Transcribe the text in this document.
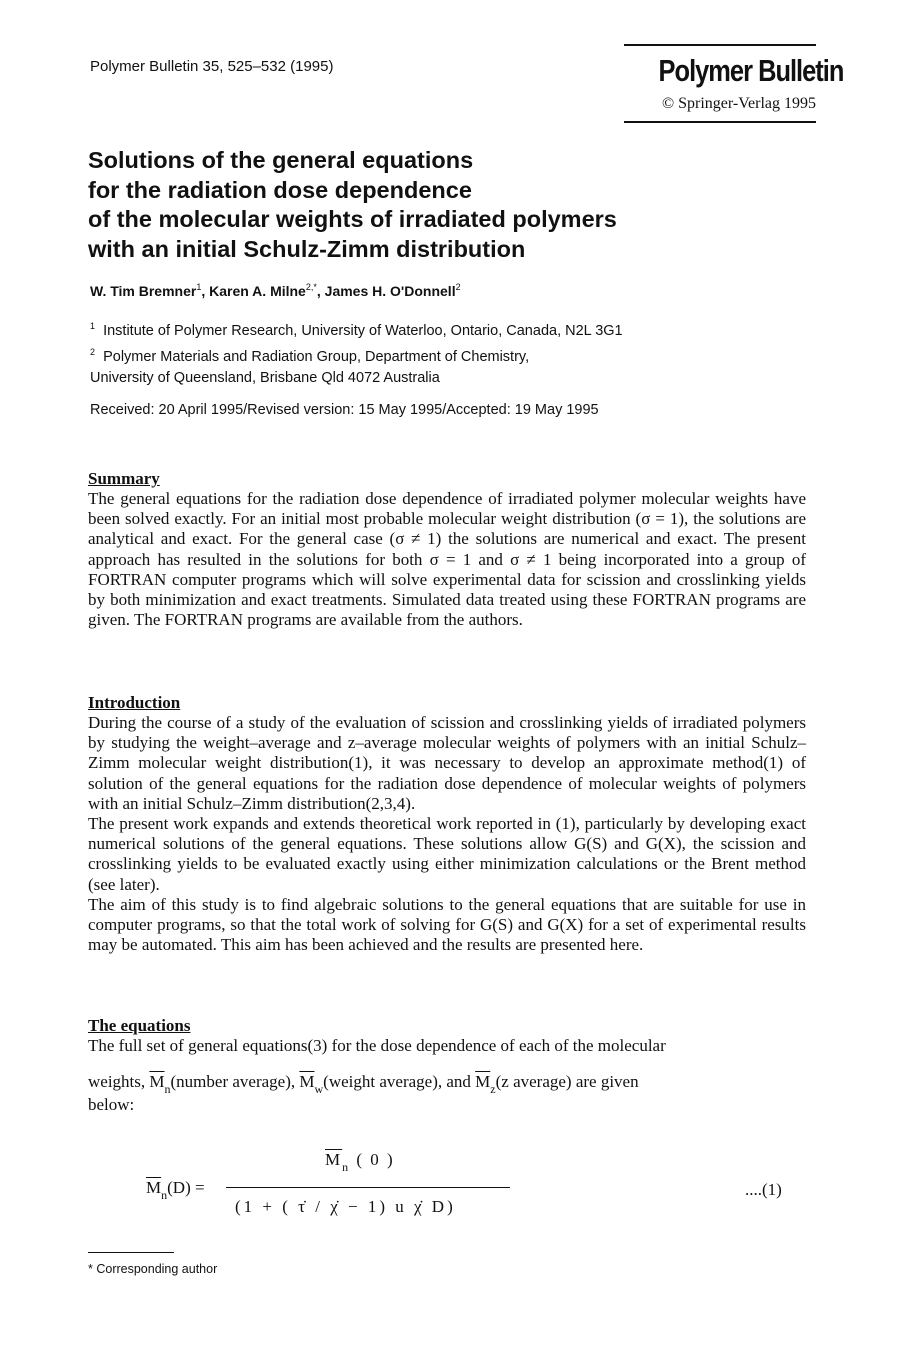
Polymer Bulletin 35, 525–532 (1995)	Polymer Bulletin
© Springer-Verlag 1995
Solutions of the general equations
for the radiation dose dependence
of the molecular weights of irradiated polymers
with an initial Schulz-Zimm distribution
W. Tim Bremner$^1$, Karen A. Milne$^{2,*}$, James H. O'Donnell$^2$
$^1$ Institute of Polymer Research, University of Waterloo, Ontario, Canada, N2L 3G1
$^2$ Polymer Materials and Radiation Group, Department of Chemistry,
University of Queensland, Brisbane Qld 4072 Australia
Received: 20 April 1995/Revised version: 15 May 1995/Accepted: 19 May 1995
Summary

The general equations for the radiation dose dependence of irradiated polymer molecular weights have been solved exactly. For an initial most probable molecular weight distribution (σ = 1), the solutions are analytical and exact. For the general case (σ ≠ 1) the solutions are numerical and exact. The present approach has resulted in the solutions for both σ = 1 and σ ≠ 1 being incorporated into a group of FORTRAN computer programs which will solve experimental data for scission and crosslinking yields by both minimization and exact treatments. Simulated data treated using these FORTRAN programs are given. The FORTRAN programs are available from the authors.

Introduction

During the course of a study of the evaluation of scission and crosslinking yields of irradiated polymers by studying the weight–average and z–average molecular weights of polymers with an initial Schulz–Zimm molecular weight distribution(1), it was necessary to develop an approximate method(1) of solution of the general equations for the radiation dose dependence of molecular weights of polymers with an initial Schulz–Zimm distribution(2,3,4).

The present work expands and extends theoretical work reported in (1), particularly by developing exact numerical solutions of the general equations. These solutions allow G(S) and G(X), the scission and crosslinking yields to be evaluated exactly using either minimization calculations or the Brent method (see later).

The aim of this study is to find algebraic solutions to the general equations that are suitable for use in computer programs, so that the total work of solving for G(S) and G(X) for a set of experimental results may be automated. This aim has been achieved and the results are presented here.

The equations

The full set of general equations(3) for the dose dependence of each of the molecular

weights, $\overline{M}_n(number$ average), $\overline{M}_w(weight$ average), and $\overline{M}_z(z$ average) are given

below:

$\overline{M}_n(D)$ =
$\overline{M}_n$ ( 0 )
(1 + ( τ̇ / χ̇ − 1) u χ̇ D)
....(1)
* Corresponding author
